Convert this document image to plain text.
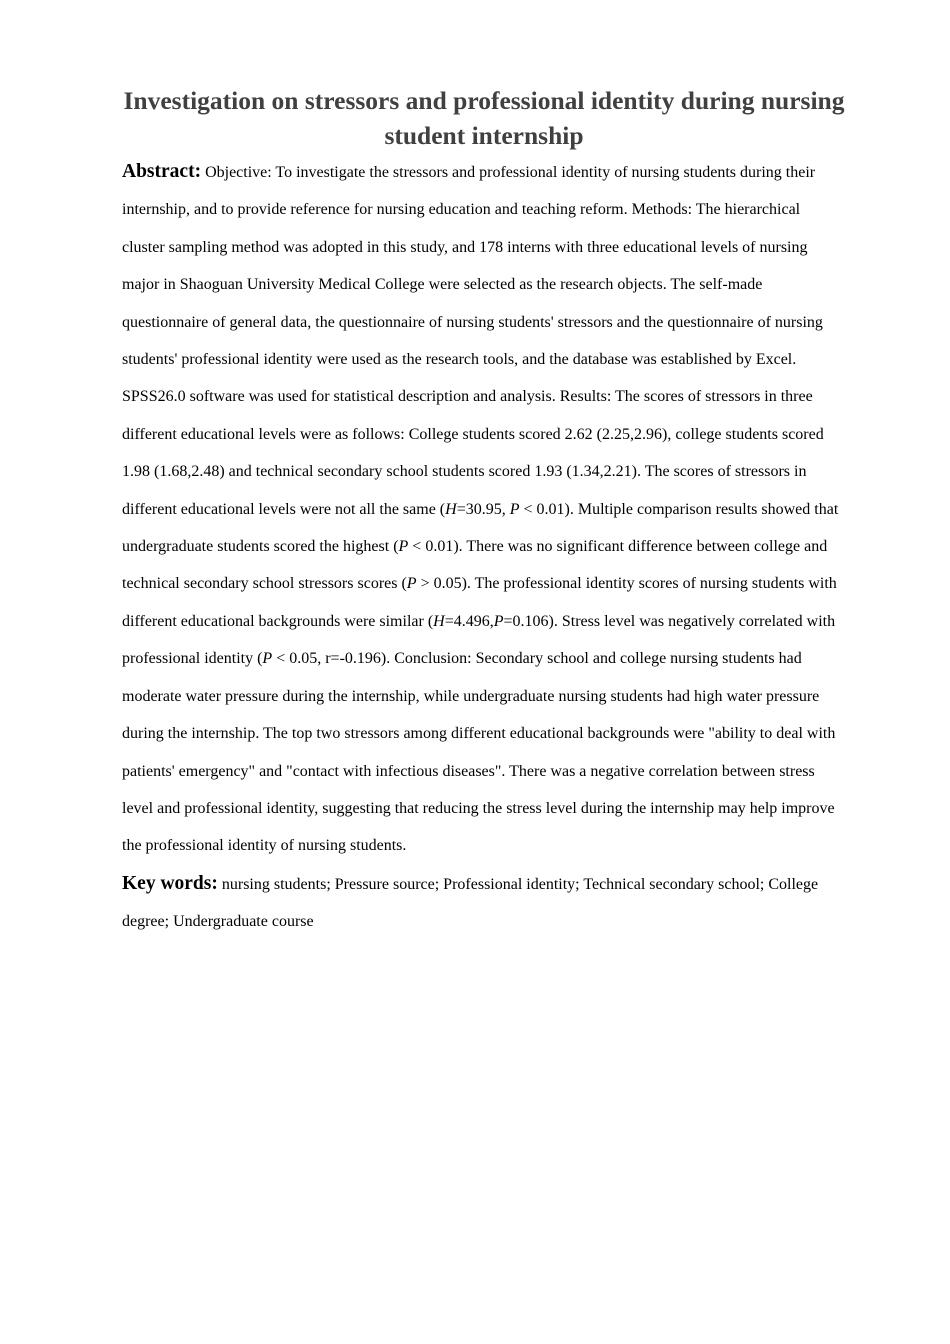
Investigation on stressors and professional identity during nursing student internship

Abstract: Objective: To investigate the stressors and professional identity of nursing students during their internship, and to provide reference for nursing education and teaching reform. Methods: The hierarchical cluster sampling method was adopted in this study, and 178 interns with three educational levels of nursing major in Shaoguan University Medical College were selected as the research objects. The self-made questionnaire of general data, the questionnaire of nursing students' stressors and the questionnaire of nursing students' professional identity were used as the research tools, and the database was established by Excel. SPSS26.0 software was used for statistical description and analysis. Results: The scores of stressors in three different educational levels were as follows: College students scored 2.62 (2.25,2.96), college students scored 1.98 (1.68,2.48) and technical secondary school students scored 1.93 (1.34,2.21). The scores of stressors in different educational levels were not all the same (H=30.95, P < 0.01). Multiple comparison results showed that undergraduate students scored the highest (P < 0.01). There was no significant difference between college and technical secondary school stressors scores (P > 0.05). The professional identity scores of nursing students with different educational backgrounds were similar (H=4.496,P=0.106). Stress level was negatively correlated with professional identity (P < 0.05, r=-0.196). Conclusion: Secondary school and college nursing students had moderate water pressure during the internship, while undergraduate nursing students had high water pressure during the internship. The top two stressors among different educational backgrounds were "ability to deal with patients' emergency" and "contact with infectious diseases". There was a negative correlation between stress level and professional identity, suggesting that reducing the stress level during the internship may help improve the professional identity of nursing students.

Key words: nursing students; Pressure source; Professional identity; Technical secondary school; College degree; Undergraduate course
